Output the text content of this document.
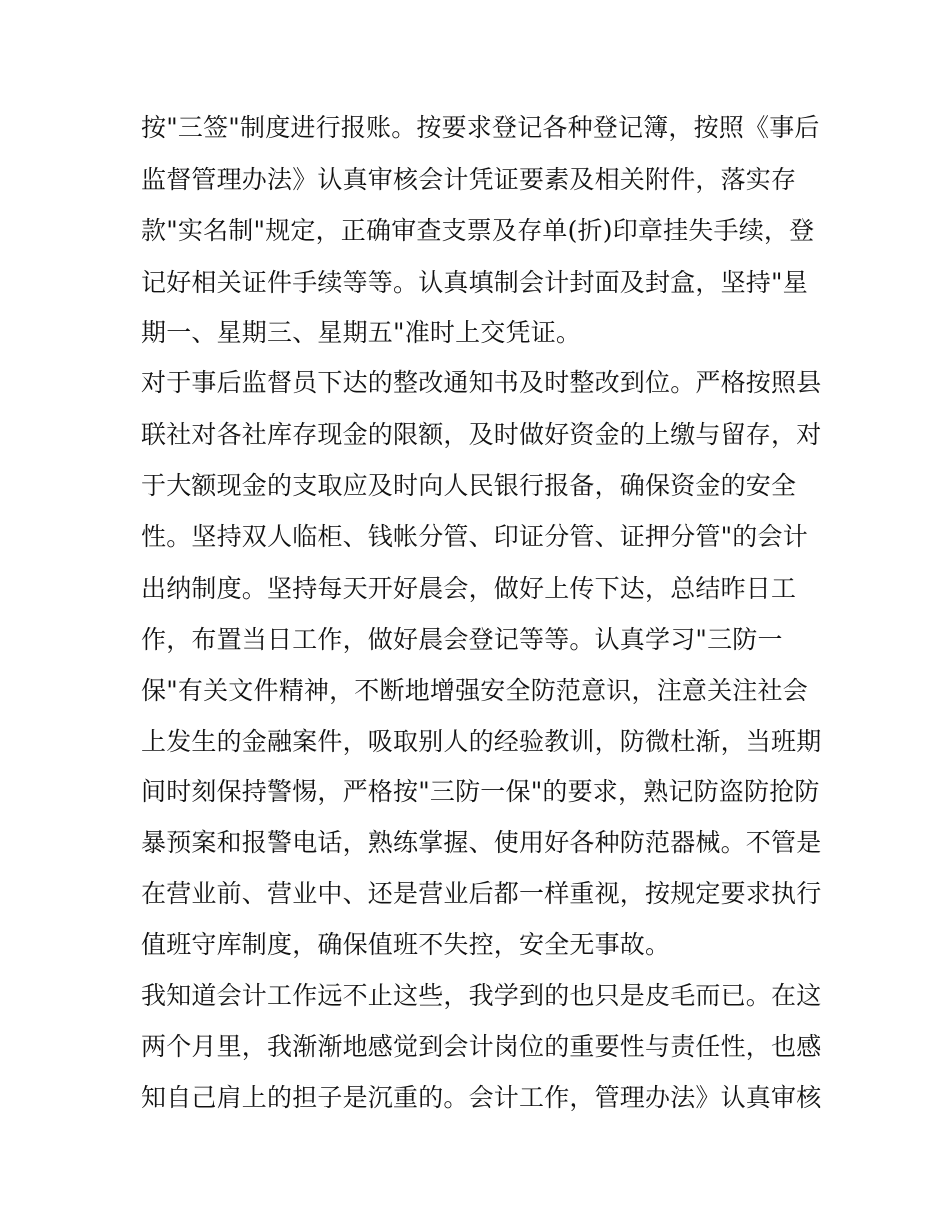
按"三签"制度进行报账。按要求登记各种登记簿，按照《事后

监督管理办法》认真审核会计凭证要素及相关附件，落实存

款"实名制"规定，正确审查支票及存单(折)印章挂失手续，登

记好相关证件手续等等。认真填制会计封面及封盒，坚持"星

期一、星期三、星期五"准时上交凭证。

对于事后监督员下达的整改通知书及时整改到位。严格按照县

联社对各社库存现金的限额，及时做好资金的上缴与留存，对

于大额现金的支取应及时向人民银行报备，确保资金的安全

性。坚持双人临柜、钱帐分管、印证分管、证押分管"的会计

出纳制度。坚持每天开好晨会，做好上传下达，总结昨日工

作，布置当日工作，做好晨会登记等等。认真学习"三防一

保"有关文件精神，不断地增强安全防范意识，注意关注社会

上发生的金融案件，吸取别人的经验教训，防微杜渐，当班期

间时刻保持警惕，严格按"三防一保"的要求，熟记防盗防抢防

暴预案和报警电话，熟练掌握、使用好各种防范器械。不管是

在营业前、营业中、还是营业后都一样重视，按规定要求执行

值班守库制度，确保值班不失控，安全无事故。

我知道会计工作远不止这些，我学到的也只是皮毛而已。在这

两个月里，我渐渐地感觉到会计岗位的重要性与责任性，也感

知自己肩上的担子是沉重的。会计工作，管理办法》认真审核
